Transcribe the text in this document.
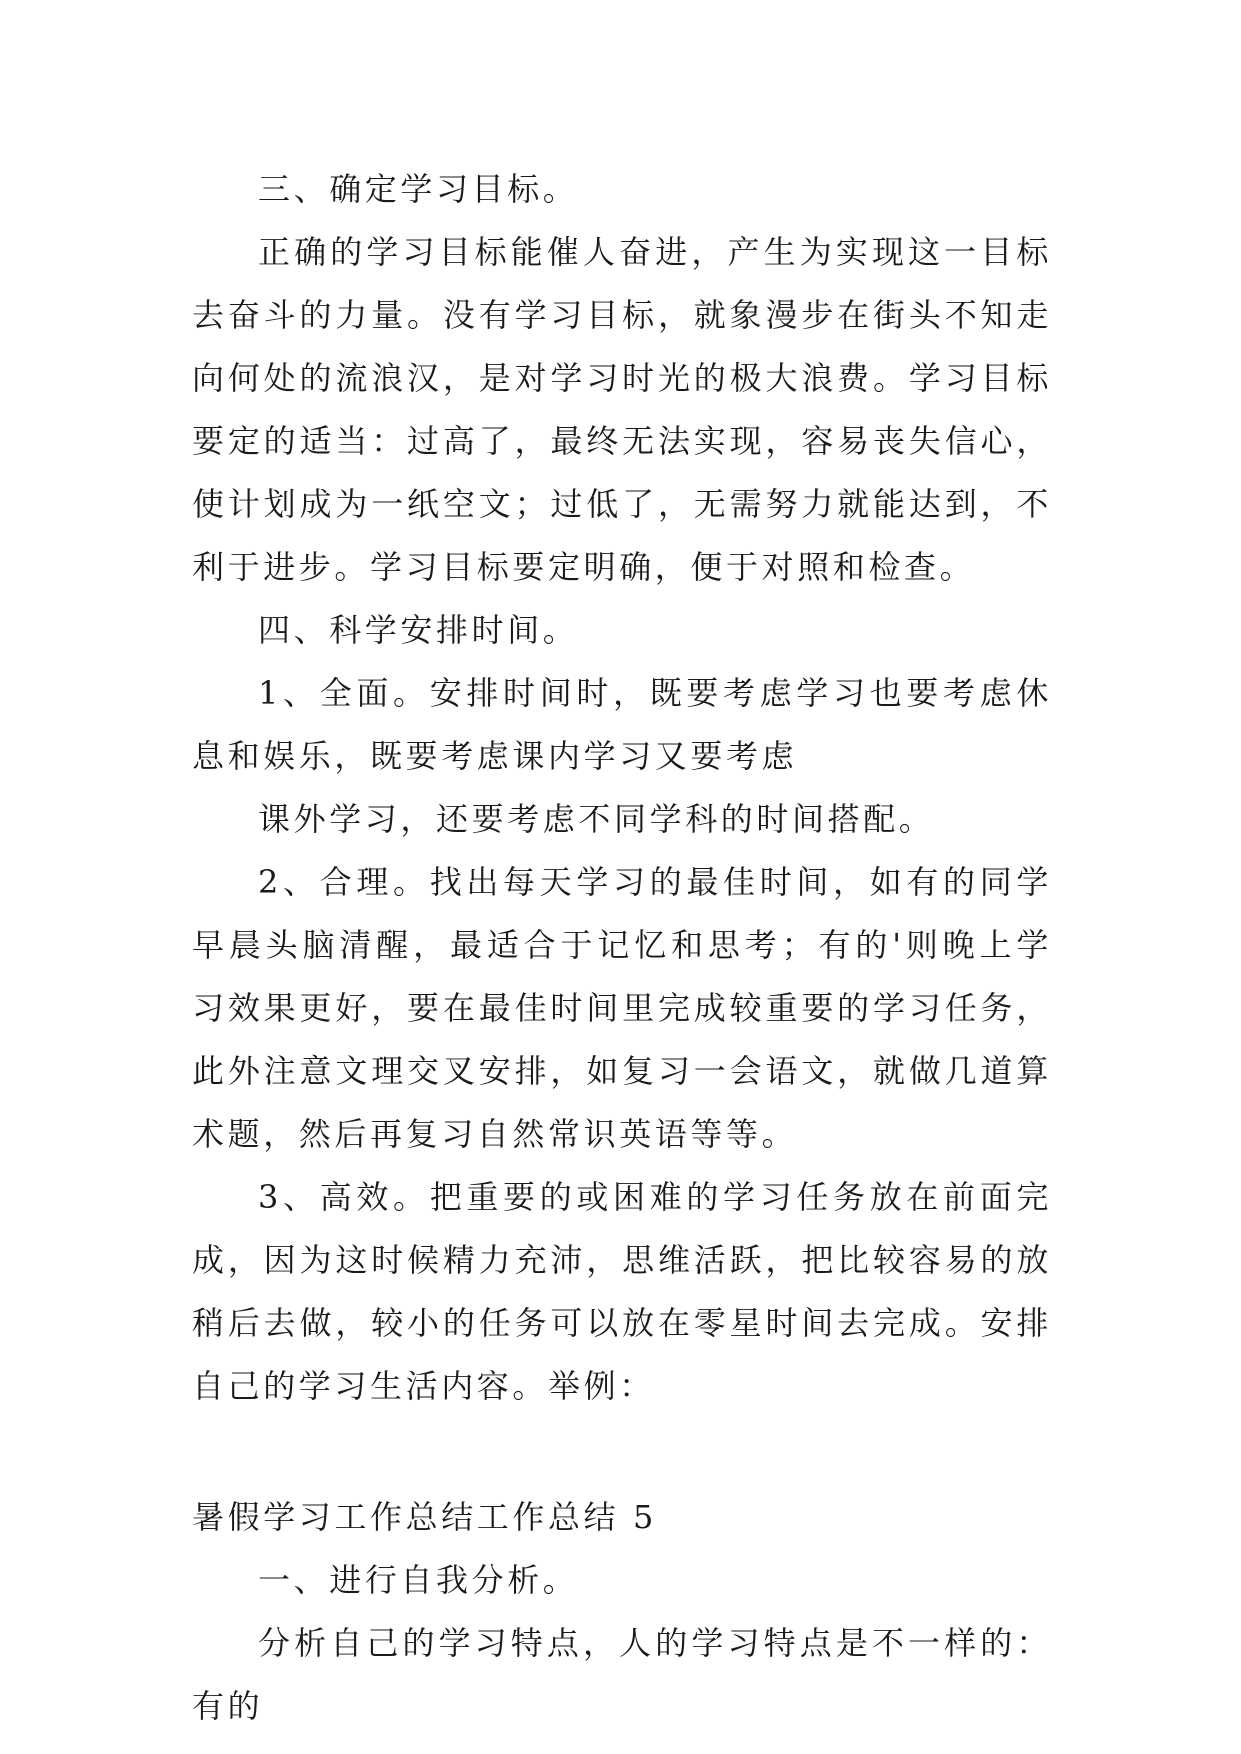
三、确定学习目标。

正确的学习目标能催人奋进，产生为实现这一目标去奋斗的力量。没有学习目标，就象漫步在街头不知走向何处的流浪汉，是对学习时光的极大浪费。学习目标要定的适当：过高了，最终无法实现，容易丧失信心，使计划成为一纸空文；过低了，无需努力就能达到，不利于进步。学习目标要定明确，便于对照和检查。

四、科学安排时间。

1、全面。安排时间时，既要考虑学习也要考虑休息和娱乐，既要考虑课内学习又要考虑

课外学习，还要考虑不同学科的时间搭配。

2、合理。找出每天学习的最佳时间，如有的同学早晨头脑清醒，最适合于记忆和思考；有的'则晚上学习效果更好，要在最佳时间里完成较重要的学习任务，此外注意文理交叉安排，如复习一会语文，就做几道算术题，然后再复习自然常识英语等等。

3、高效。把重要的或困难的学习任务放在前面完成，因为这时候精力充沛，思维活跃，把比较容易的放稍后去做，较小的任务可以放在零星时间去完成。安排自己的学习生活内容。举例：

暑假学习工作总结工作总结 5

一、进行自我分析。

分析自己的学习特点，人的学习特点是不一样的：有的
